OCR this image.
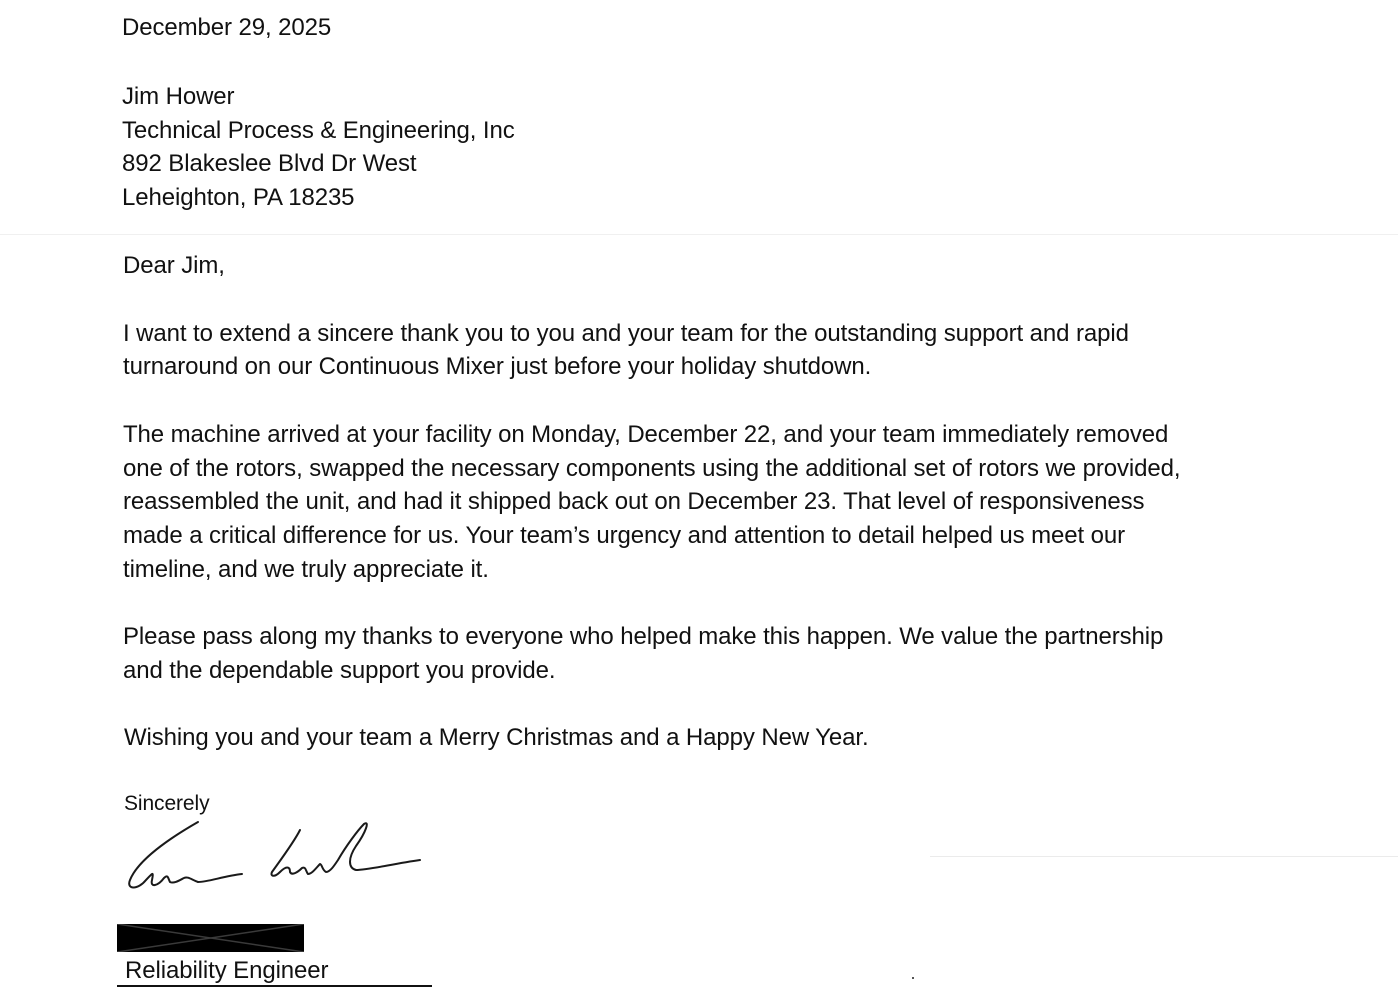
December 29, 2025
Jim Hower
Technical Process & Engineering, Inc
892 Blakeslee Blvd Dr West
Leheighton, PA 18235
Dear Jim,
I want to extend a sincere thank you to you and your team for the outstanding support and rapid
turnaround on our Continuous Mixer just before your holiday shutdown.
The machine arrived at your facility on Monday, December 22, and your team immediately removed
one of the rotors, swapped the necessary components using the additional set of rotors we provided,
reassembled the unit, and had it shipped back out on December 23. That level of responsiveness
made a critical difference for us. Your team’s urgency and attention to detail helped us meet our
timeline, and we truly appreciate it.
Please pass along my thanks to everyone who helped make this happen. We value the partnership
and the dependable support you provide.
Wishing you and your team a Merry Christmas and a Happy New Year.
Sincerely
Reliability Engineer
